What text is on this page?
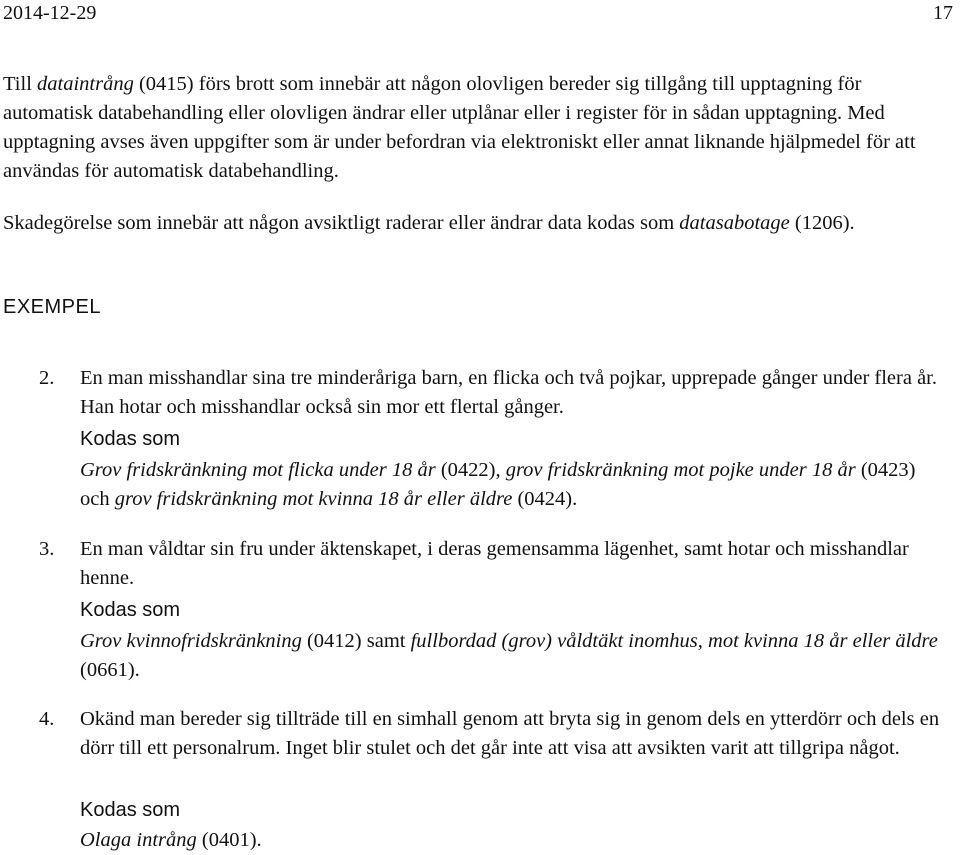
2014-12-29	17

Till dataintrång (0415) förs brott som innebär att någon olovligen bereder sig tillgång till upptagning för automatisk databehandling eller olovligen ändrar eller utplånar eller i register för in sådan upptagning. Med upptagning avses även uppgifter som är under befordran via elektroniskt eller annat liknande hjälpmedel för att användas för automatisk databehandling.

Skadegörelse som innebär att någon avsiktligt raderar eller ändrar data kodas som datasabotage (1206).

EXEMPEL
2.	En man misshandlar sina tre minderåriga barn, en flicka och två pojkar, upprepade gånger under flera år. Han hotar och misshandlar också sin mor ett flertal gånger.

Kodas som

Grov fridskränkning mot flicka under 18 år (0422), grov fridskränkning mot pojke under 18 år (0423) och grov fridskränkning mot kvinna 18 år eller äldre (0424).

3.	En man våldtar sin fru under äktenskapet, i deras gemensamma lägenhet, samt hotar och misshandlar henne.

Kodas som

Grov kvinnofridskränkning (0412) samt fullbordad (grov) våldtäkt inomhus, mot kvinna 18 år eller äldre (0661).

4.	Okänd man bereder sig tillträde till en simhall genom att bryta sig in genom dels en ytterdörr och dels en dörr till ett personalrum. Inget blir stulet och det går inte att visa att avsikten varit att tillgripa något.

Kodas som

Olaga intrång (0401).
